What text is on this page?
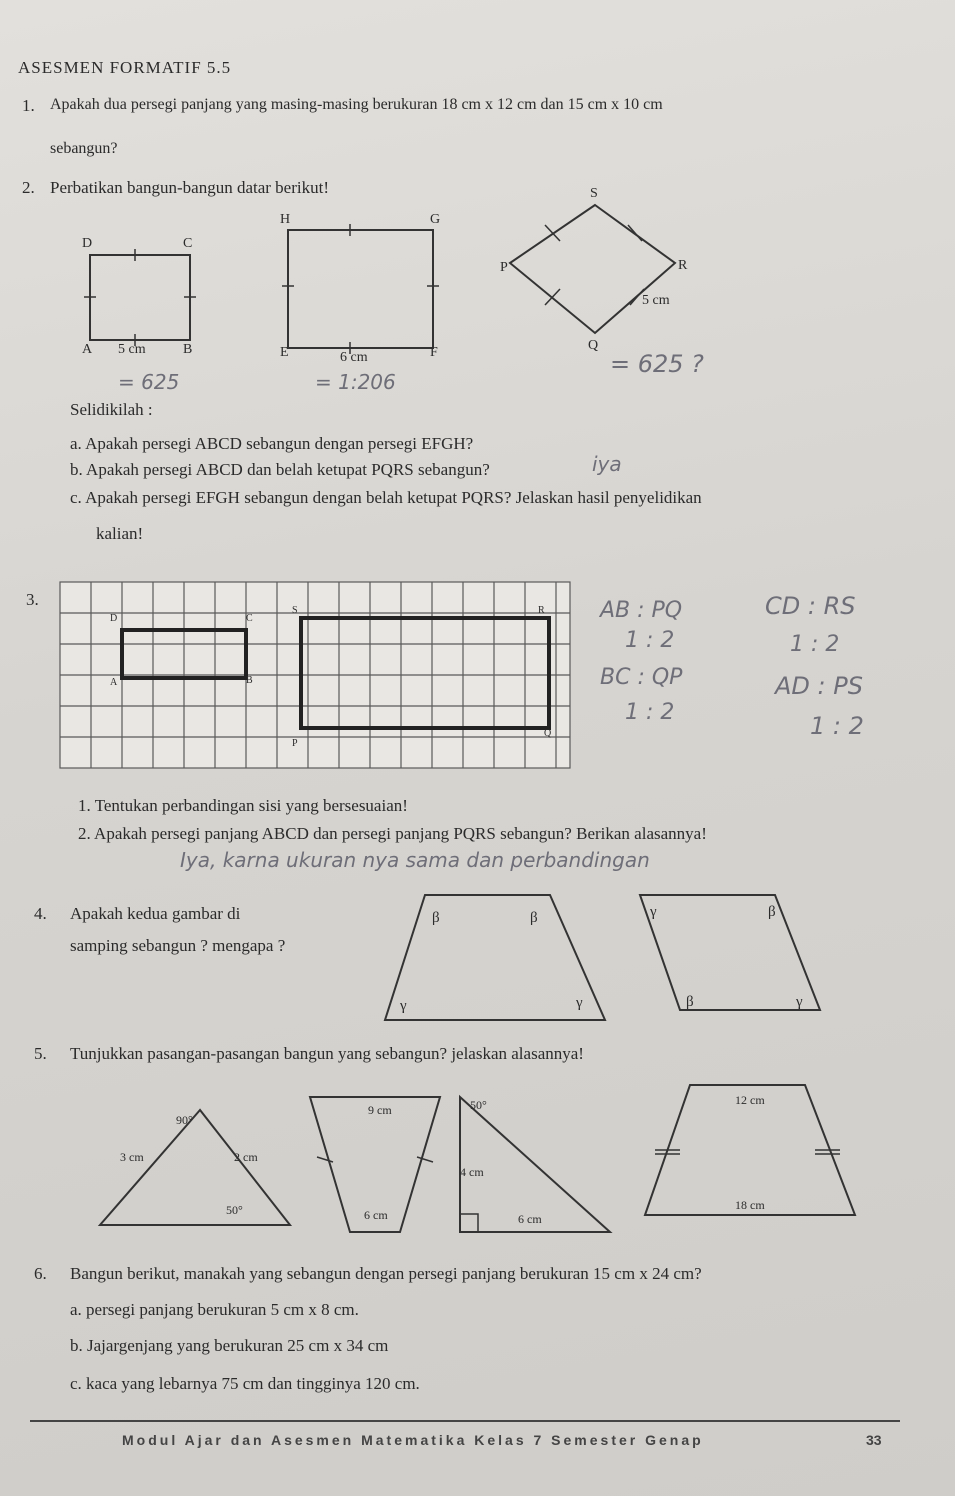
ASESMEN FORMATIF 5.5
1. Apakah dua persegi panjang yang masing-masing berukuran 18 cm x 12 cm dan 15 cm x 10 cm
sebangun?
2. Perbatikan bangun-bangun datar berikut!
D	C
A 5 cm	B
H	G
E	6 cm	F
S
P	R
5 cm
Q
= 625	= 1:206
= 625 ?
Selidikilah :
a. Apakah persegi ABCD sebangun dengan persegi EFGH?
b. Apakah persegi ABCD dan belah ketupat PQRS sebangun?	iya
c. Apakah persegi EFGH sebangun dengan belah ketupat PQRS? Jelaskan hasil penyelidikan
kalian!
3.
D	C
A	B
S	R
P
Q
AB : PQ
1 : 2
BC : QP
1 : 2
CD : RS
1 : 2
AD : PS
1 : 2
1. Tentukan perbandingan sisi yang bersesuaian!
2. Apakah persegi panjang ABCD dan persegi panjang PQRS sebangun? Berikan alasannya!
Iya, karna ukuran nya sama dan perbandingan
4. Apakah kedua gambar di
samping sebangun ? mengapa ?
β	β
γ	γ
γ	β
β	γ
5. Tunjukkan pasangan-pasangan bangun yang sebangun? jelaskan alasannya!
90°
3 cm	2 cm
50°
9 cm
6 cm
50°
4 cm
6 cm
12 cm
18 cm
6. Bangun berikut, manakah yang sebangun dengan persegi panjang berukuran 15 cm x 24 cm?
a. persegi panjang berukuran 5 cm x 8 cm.
b. Jajargenjang yang berukuran 25 cm x 34 cm
c. kaca yang lebarnya 75 cm dan tingginya 120 cm.
Modul Ajar dan Asesmen Matematika Kelas 7 Semester Genap	33
